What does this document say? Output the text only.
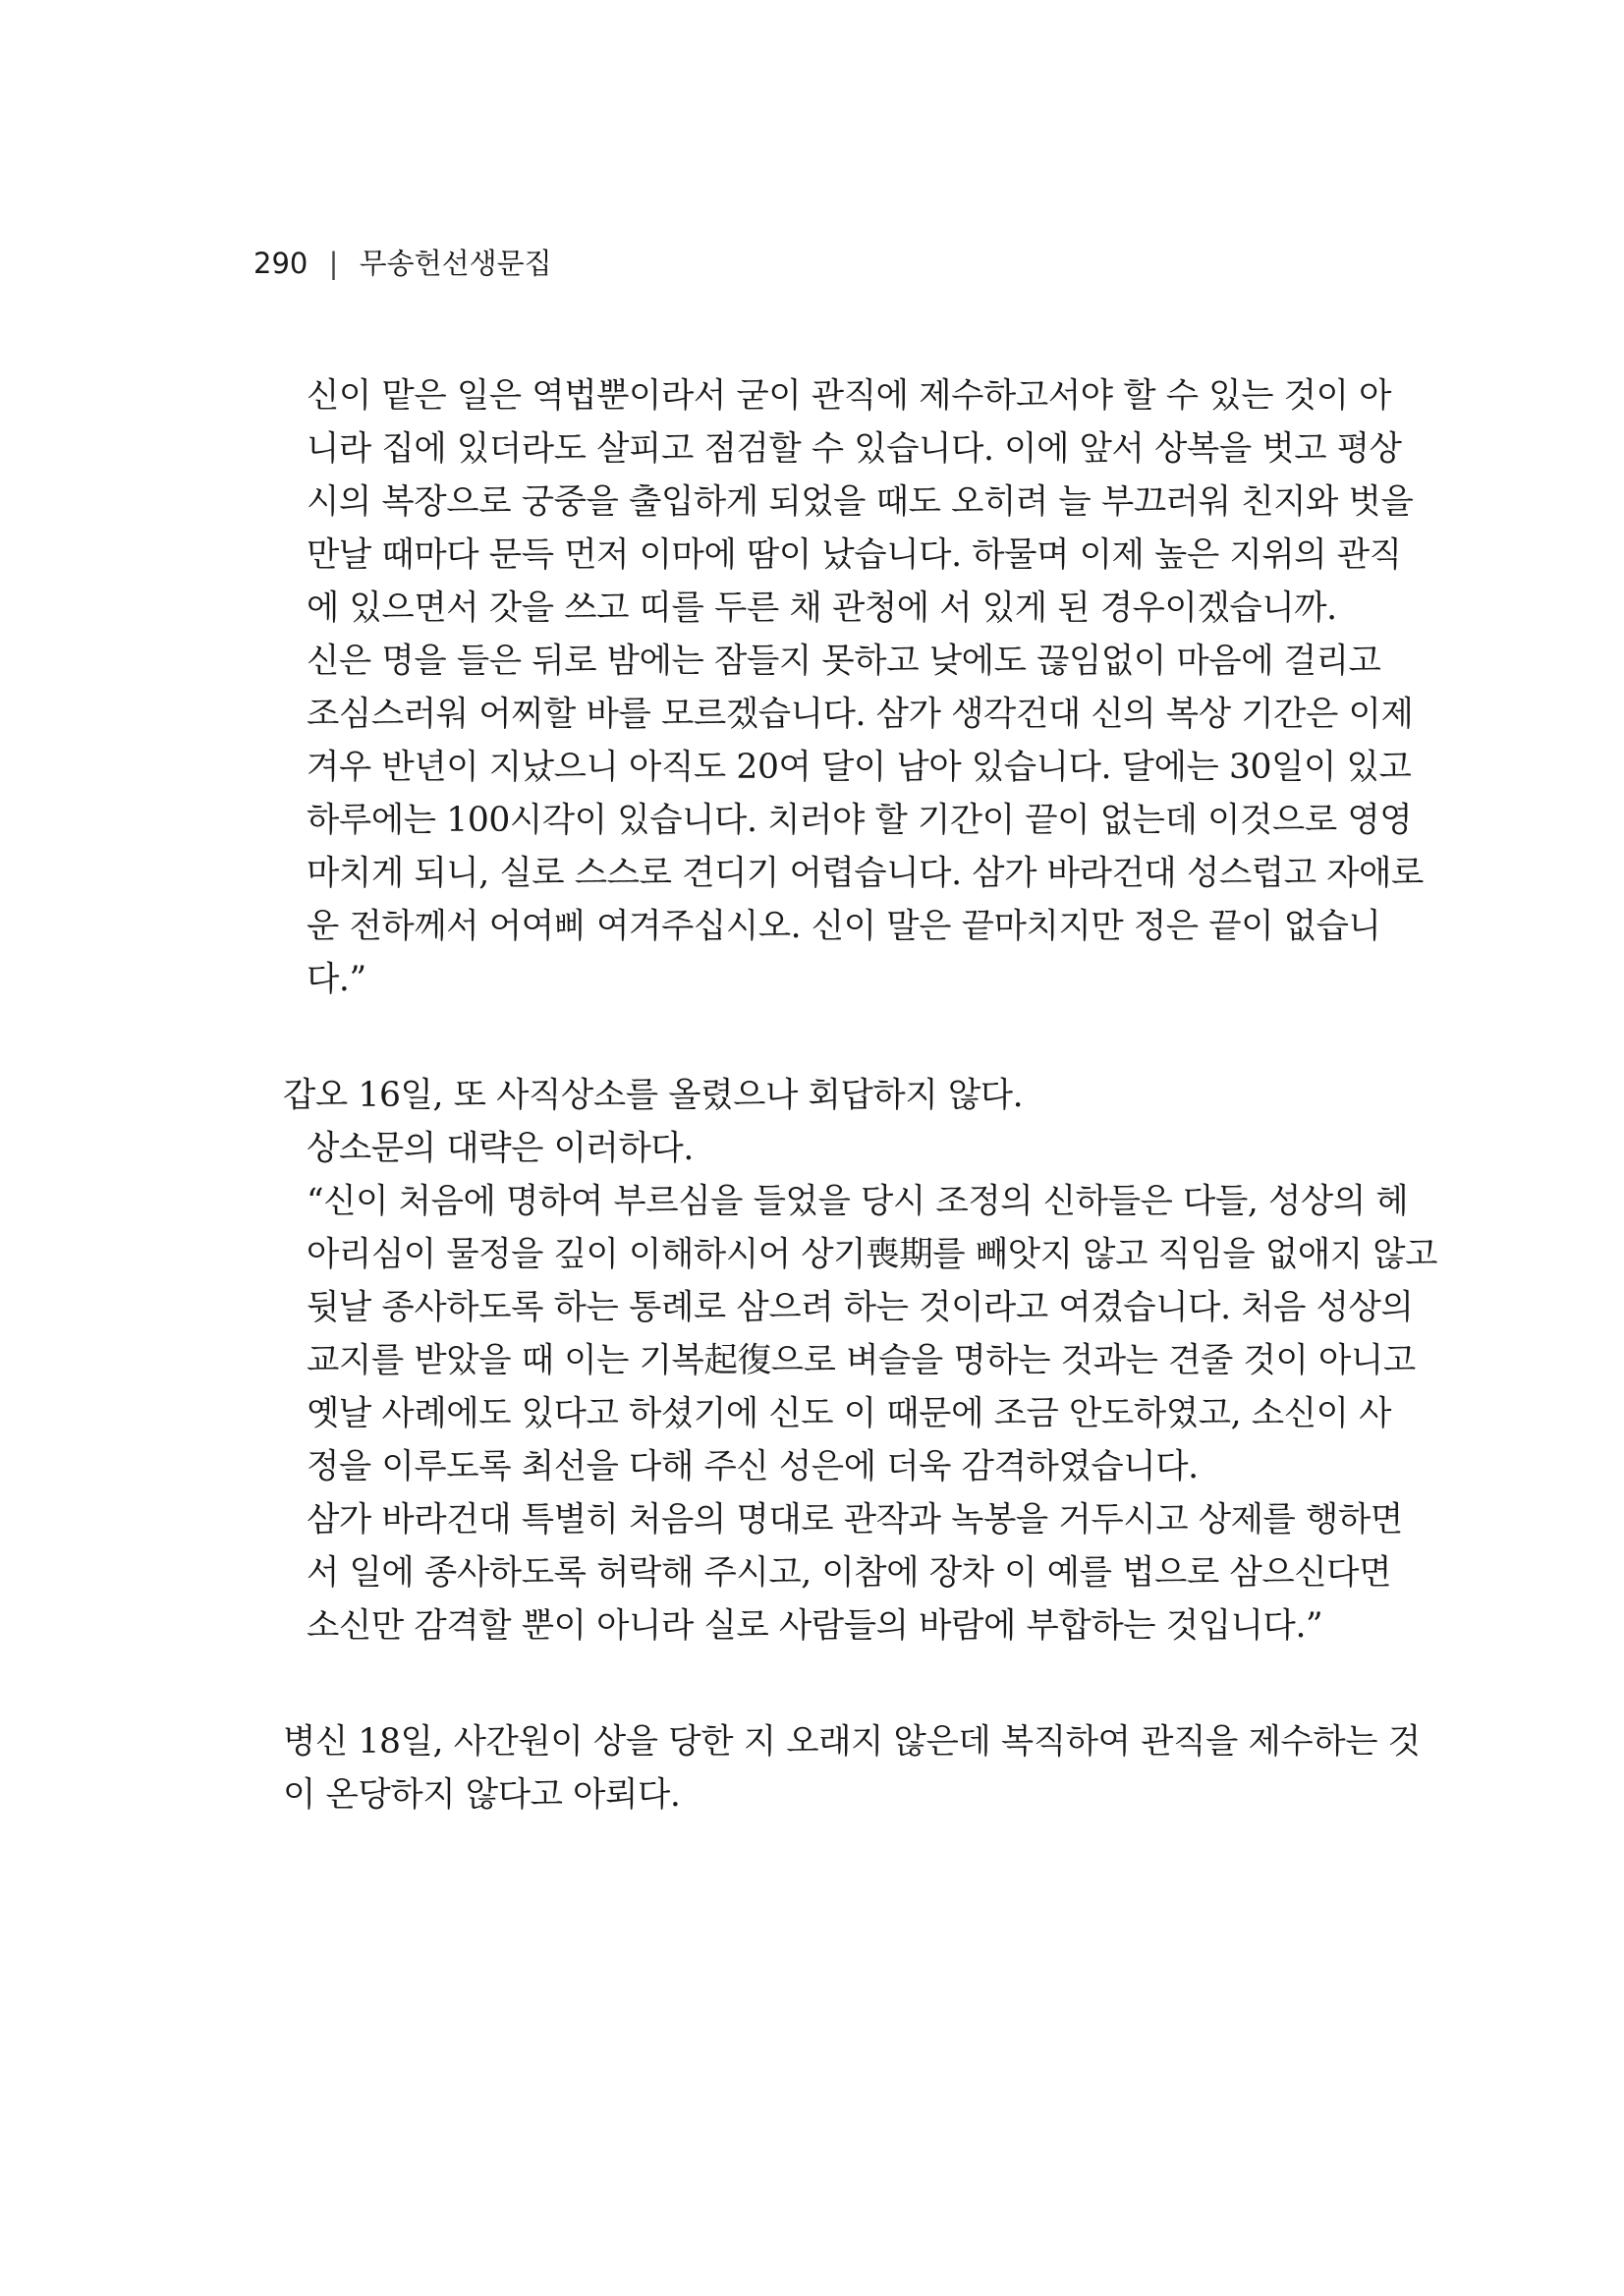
290 | 무송헌선생문집
신이 맡은 일은 역법뿐이라서 굳이 관직에 제수하고서야 할 수 있는 것이 아
니라 집에 있더라도 살피고 점검할 수 있습니다. 이에 앞서 상복을 벗고 평상
시의 복장으로 궁중을 출입하게 되었을 때도 오히려 늘 부끄러워 친지와 벗을
만날 때마다 문득 먼저 이마에 땀이 났습니다. 하물며 이제 높은 지위의 관직
에 있으면서 갓을 쓰고 띠를 두른 채 관청에 서 있게 된 경우이겠습니까.
신은 명을 들은 뒤로 밤에는 잠들지 못하고 낮에도 끊임없이 마음에 걸리고
조심스러워 어찌할 바를 모르겠습니다. 삼가 생각건대 신의 복상 기간은 이제
겨우 반년이 지났으니 아직도 20여 달이 남아 있습니다. 달에는 30일이 있고
하루에는 100시각이 있습니다. 치러야 할 기간이 끝이 없는데 이것으로 영영
마치게 되니, 실로 스스로 견디기 어렵습니다. 삼가 바라건대 성스럽고 자애로
운 전하께서 어여삐 여겨주십시오. 신이 말은 끝마치지만 정은 끝이 없습니
다.”
갑오 16일, 또 사직상소를 올렸으나 회답하지 않다.
상소문의 대략은 이러하다.
“신이 처음에 명하여 부르심을 들었을 당시 조정의 신하들은 다들, 성상의 헤
아리심이 물정을 깊이 이해하시어 상기喪期를 빼앗지 않고 직임을 없애지 않고
뒷날 종사하도록 하는 통례로 삼으려 하는 것이라고 여겼습니다. 처음 성상의
교지를 받았을 때 이는 기복起復으로 벼슬을 명하는 것과는 견줄 것이 아니고
옛날 사례에도 있다고 하셨기에 신도 이 때문에 조금 안도하였고, 소신이 사
정을 이루도록 최선을 다해 주신 성은에 더욱 감격하였습니다.
삼가 바라건대 특별히 처음의 명대로 관작과 녹봉을 거두시고 상제를 행하면
서 일에 종사하도록 허락해 주시고, 이참에 장차 이 예를 법으로 삼으신다면
소신만 감격할 뿐이 아니라 실로 사람들의 바람에 부합하는 것입니다.”
병신 18일, 사간원이 상을 당한 지 오래지 않은데 복직하여 관직을 제수하는 것
이 온당하지 않다고 아뢰다.
